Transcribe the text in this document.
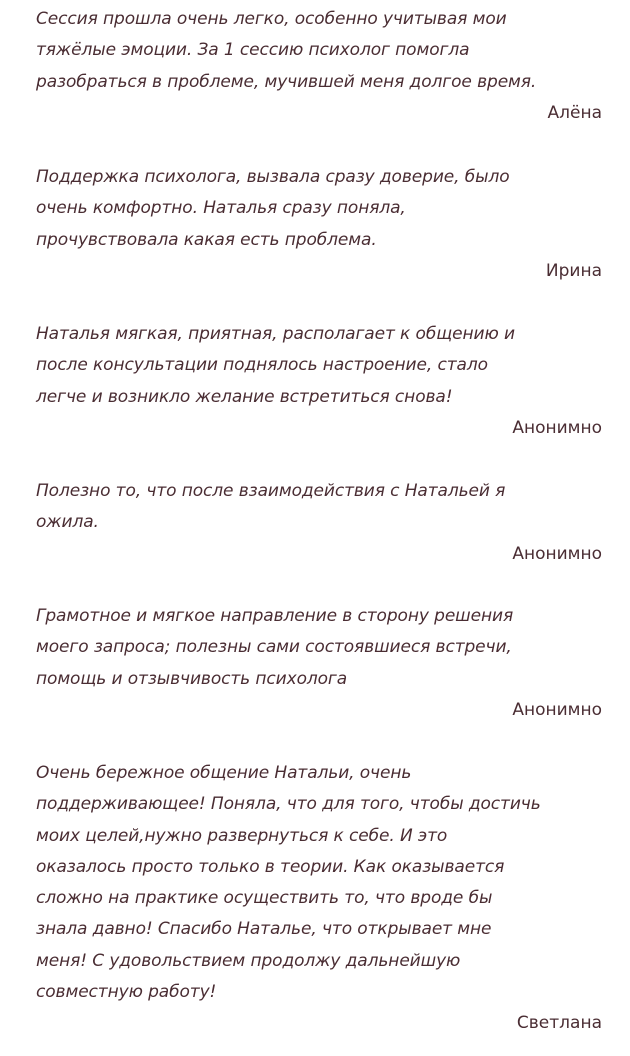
Сессия прошла очень легко, особенно учитывая мои
тяжёлые эмоции. За 1 сессию психолог помогла
разобраться в проблеме, мучившей меня долгое время.

Алёна

Поддержка психолога, вызвала сразу доверие, было
очень комфортно. Наталья сразу поняла,
прочувствовала какая есть проблема.

Ирина

Наталья мягкая, приятная, располагает к общению и
после консультации поднялось настроение, стало
легче и возникло желание встретиться снова!

Анонимно

Полезно то, что после взаимодействия с Натальей я
ожила.

Анонимно

Грамотное и мягкое направление в сторону решения
моего запроса; полезны сами состоявшиеся встречи,
помощь и отзывчивость психолога

Анонимно

Очень бережное общение Натальи, очень
поддерживающее! Поняла, что для того, чтобы достичь
моих целей,нужно развернуться к себе. И это
оказалось просто только в теории. Как оказывается
сложно на практике осуществить то, что вроде бы
знала давно! Спасибо Наталье, что открывает мне
меня! С удовольствием продолжу дальнейшую
совместную работу!

Светлана
